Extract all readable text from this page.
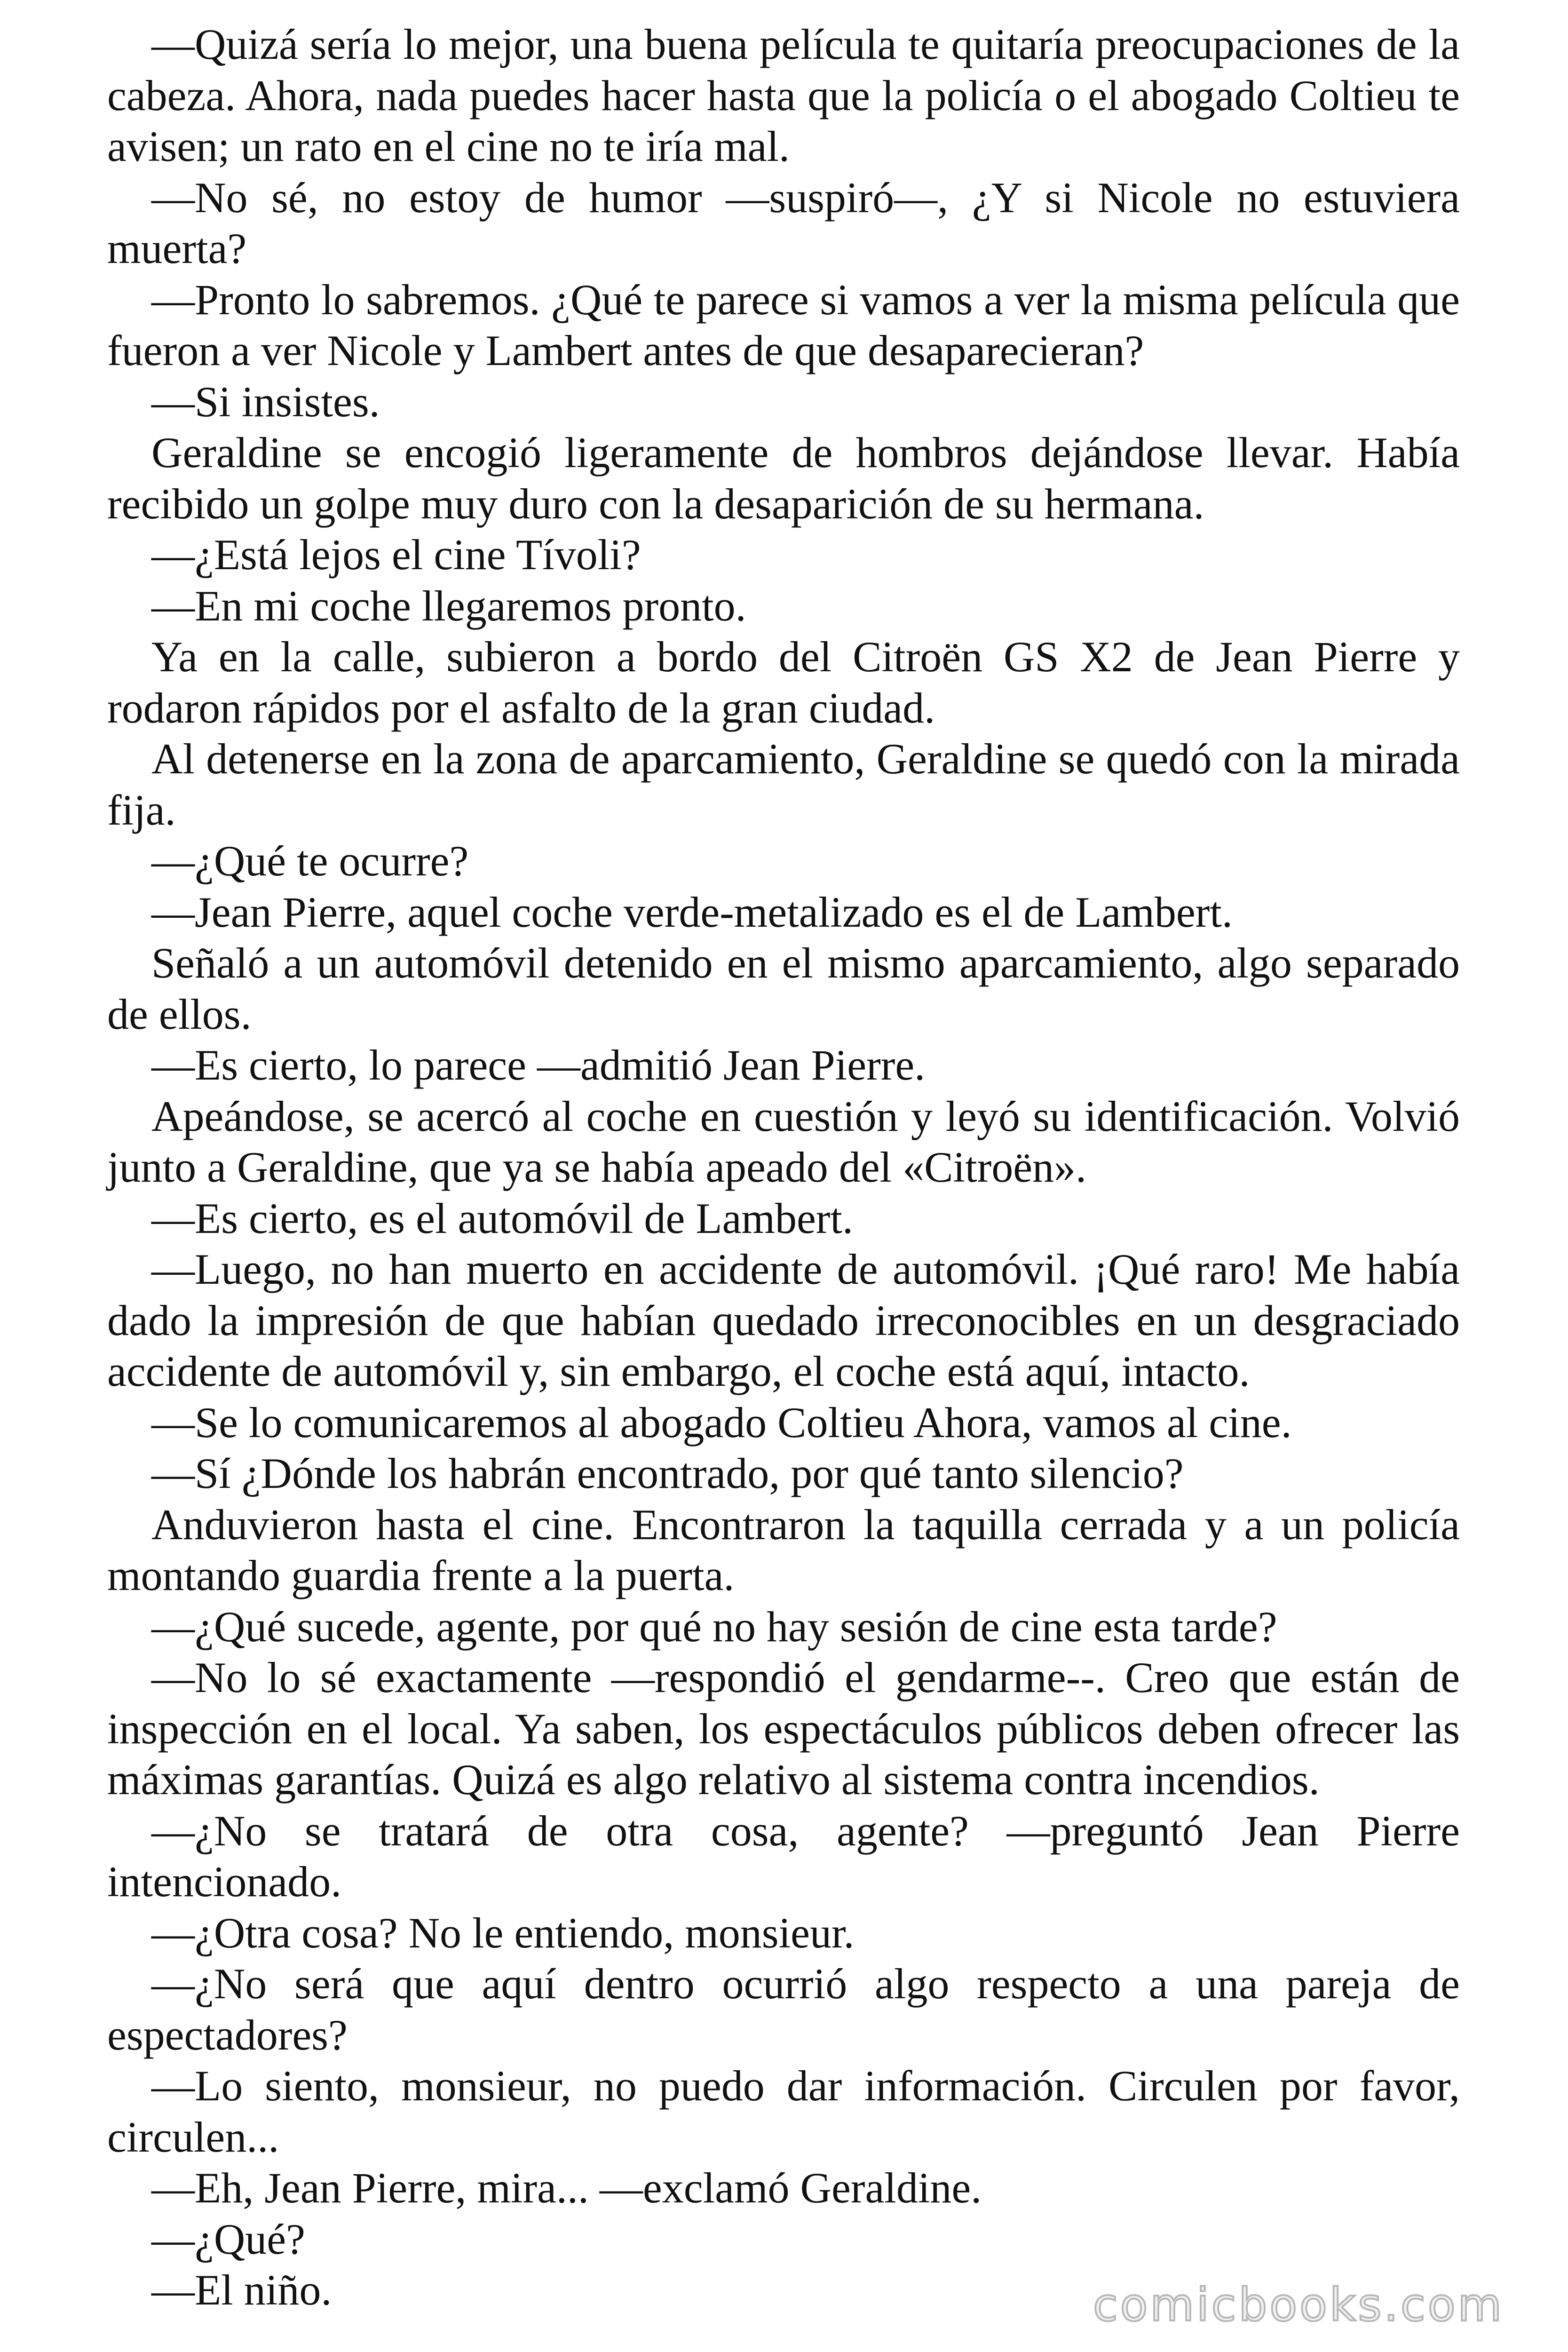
—Quizá sería lo mejor, una buena película te quitaría preocupaciones de la cabeza. Ahora, nada puedes hacer hasta que la policía o el abogado Coltieu te avisen; un rato en el cine no te iría mal.

—No sé, no estoy de humor —suspiró—, ¿Y si Nicole no estuviera muerta?

—Pronto lo sabremos. ¿Qué te parece si vamos a ver la misma película que fueron a ver Nicole y Lambert antes de que desaparecieran?

—Si insistes.

Geraldine se encogió ligeramente de hombros dejándose llevar. Había recibido un golpe muy duro con la desaparición de su hermana.

—¿Está lejos el cine Tívoli?

—En mi coche llegaremos pronto.

Ya en la calle, subieron a bordo del Citroën GS X2 de Jean Pierre y rodaron rápidos por el asfalto de la gran ciudad.

Al detenerse en la zona de aparcamiento, Geraldine se quedó con la mirada fija.

—¿Qué te ocurre?

—Jean Pierre, aquel coche verde-metalizado es el de Lambert.

Señaló a un automóvil detenido en el mismo aparcamiento, algo separado de ellos.

—Es cierto, lo parece —admitió Jean Pierre.

Apeándose, se acercó al coche en cuestión y leyó su identificación. Volvió junto a Geraldine, que ya se había apeado del «Citroën».

—Es cierto, es el automóvil de Lambert.

—Luego, no han muerto en accidente de automóvil. ¡Qué raro! Me había dado la impresión de que habían quedado irreconocibles en un desgraciado accidente de automóvil y, sin embargo, el coche está aquí, intacto.

—Se lo comunicaremos al abogado Coltieu Ahora, vamos al cine.

—Sí ¿Dónde los habrán encontrado, por qué tanto silencio?

Anduvieron hasta el cine. Encontraron la taquilla cerrada y a un policía montando guardia frente a la puerta.

—¿Qué sucede, agente, por qué no hay sesión de cine esta tarde?

—No lo sé exactamente —respondió el gendarme--. Creo que están de inspección en el local. Ya saben, los espectáculos públicos deben ofrecer las máximas garantías. Quizá es algo relativo al sistema contra incendios.

—¿No se tratará de otra cosa, agente? —preguntó Jean Pierre intencionado.

—¿Otra cosa? No le entiendo, monsieur.

—¿No será que aquí dentro ocurrió algo respecto a una pareja de espectadores?

—Lo siento, monsieur, no puedo dar información. Circulen por favor, circulen...

—Eh, Jean Pierre, mira... —exclamó Geraldine.

—¿Qué?

—El niño.	comicbooks.com
